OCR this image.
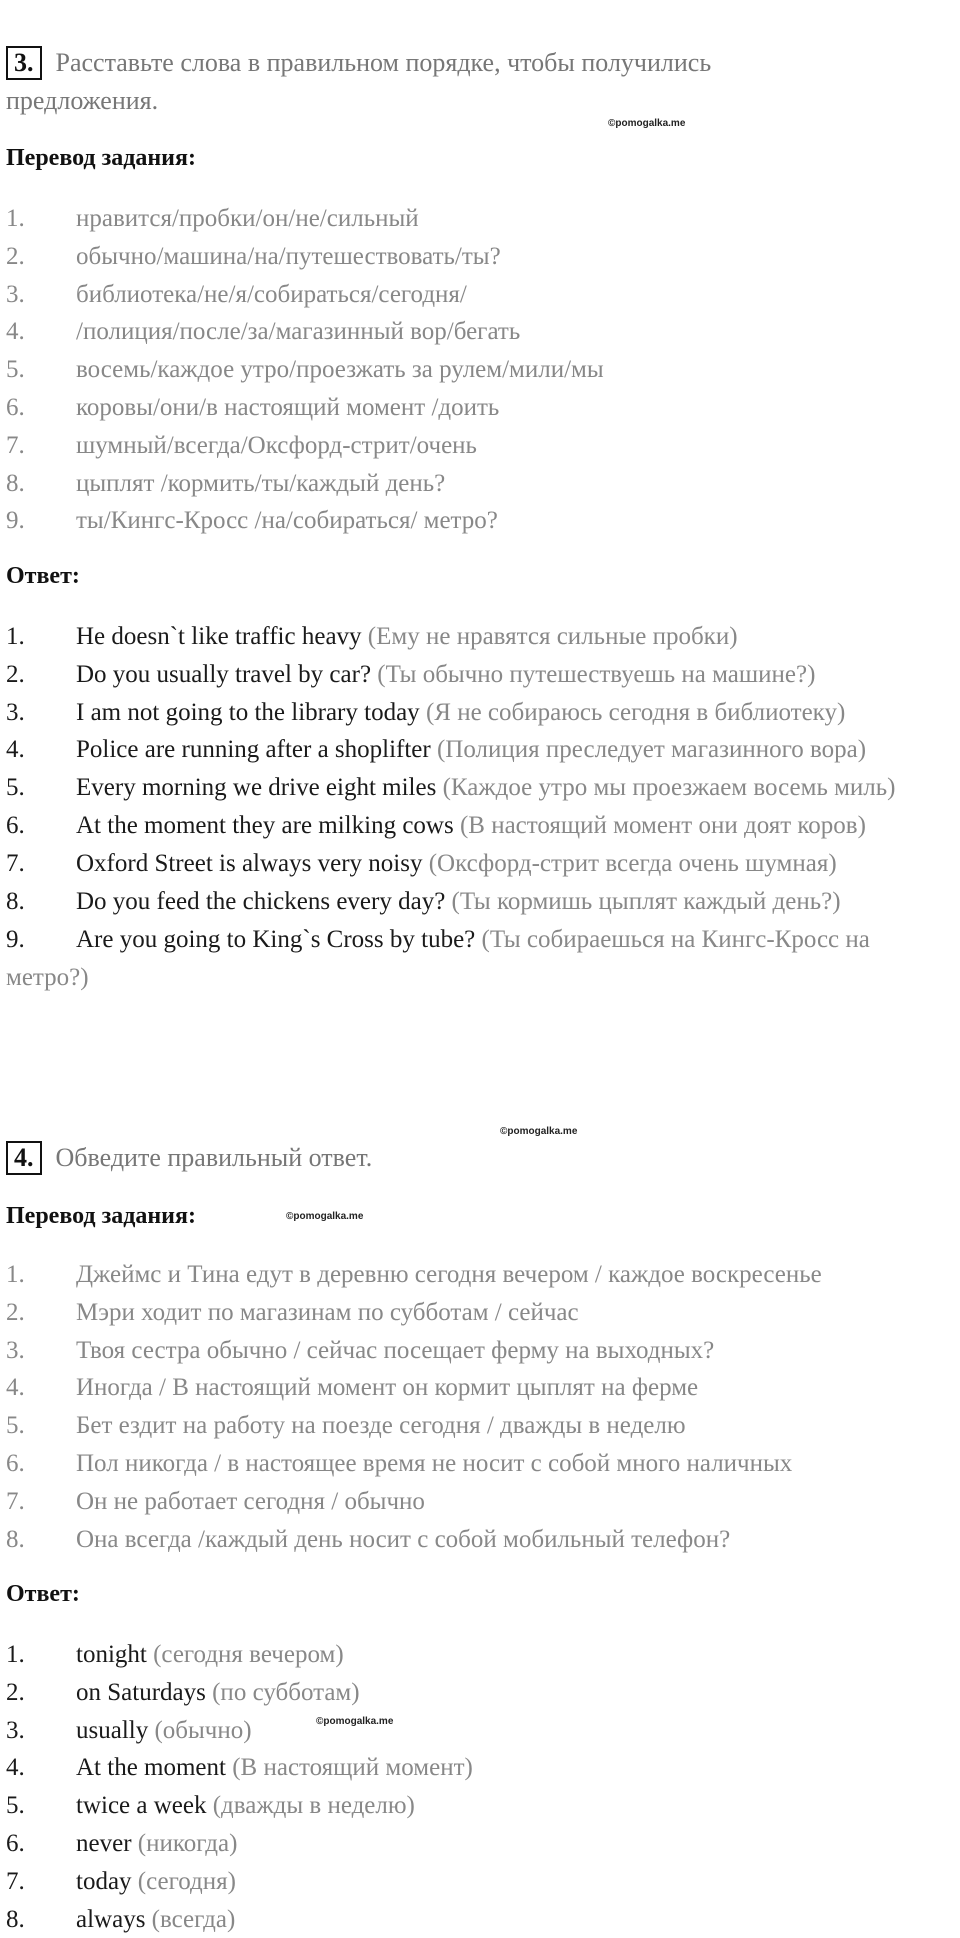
3. Расставьте слова в правильном порядке, чтобы получились
предложения.
©pomogalka.me
Перевод задания:
1. нравится/пробки/он/не/сильный
2. обычно/машина/на/путешествовать/ты?
3. библиотека/не/я/собираться/сегодня/
4. /полиция/после/за/магазинный вор/бегать
5. восемь/каждое утро/проезжать за рулем/мили/мы
6. коровы/они/в настоящий момент /доить
7. шумный/всегда/Оксфорд-стрит/очень
8. цыплят /кормить/ты/каждый день?
9. ты/Кингс-Кросс /на/собираться/ метро?
Ответ:
1. He doesn`t like traffic heavy (Ему не нравятся сильные пробки)
2. Do you usually travel by car? (Ты обычно путешествуешь на машине?)
3. I am not going to the library today (Я не собираюсь сегодня в библиотеку)
4. Police are running after a shoplifter (Полиция преследует магазинного вора)
5. Every morning we drive eight miles (Каждое утро мы проезжаем восемь миль)
6. At the moment they are milking cows (В настоящий момент они доят коров)
7. Oxford Street is always very noisy (Оксфорд-стрит всегда очень шумная)
8. Do you feed the chickens every day? (Ты кормишь цыплят каждый день?)
9. Are you going to King`s Cross by tube? (Ты собираешься на Кингс-Кросс на метро?)
©pomogalka.me
4. Обведите правильный ответ.
Перевод задания:	©pomogalka.me
1. Джеймс и Тина едут в деревню сегодня вечером / каждое воскресенье
2. Мэри ходит по магазинам по субботам / сейчас
3. Твоя сестра обычно / сейчас посещает ферму на выходных?
4. Иногда / В настоящий момент он кормит цыплят на ферме
5. Бет ездит на работу на поезде сегодня / дважды в неделю
6. Пол никогда / в настоящее время не носит с собой много наличных
7. Он не работает сегодня / обычно
8. Она всегда /каждый день носит с собой мобильный телефон?
Ответ:
1. tonight (сегодня вечером)
2. on Saturdays (по субботам)
3. usually (обычно)
4. At the moment (В настоящий момент)
5. twice a week (дважды в неделю)
6. never (никогда)
7. today (сегодня)
8. always (всегда)
©pomogalka.me
